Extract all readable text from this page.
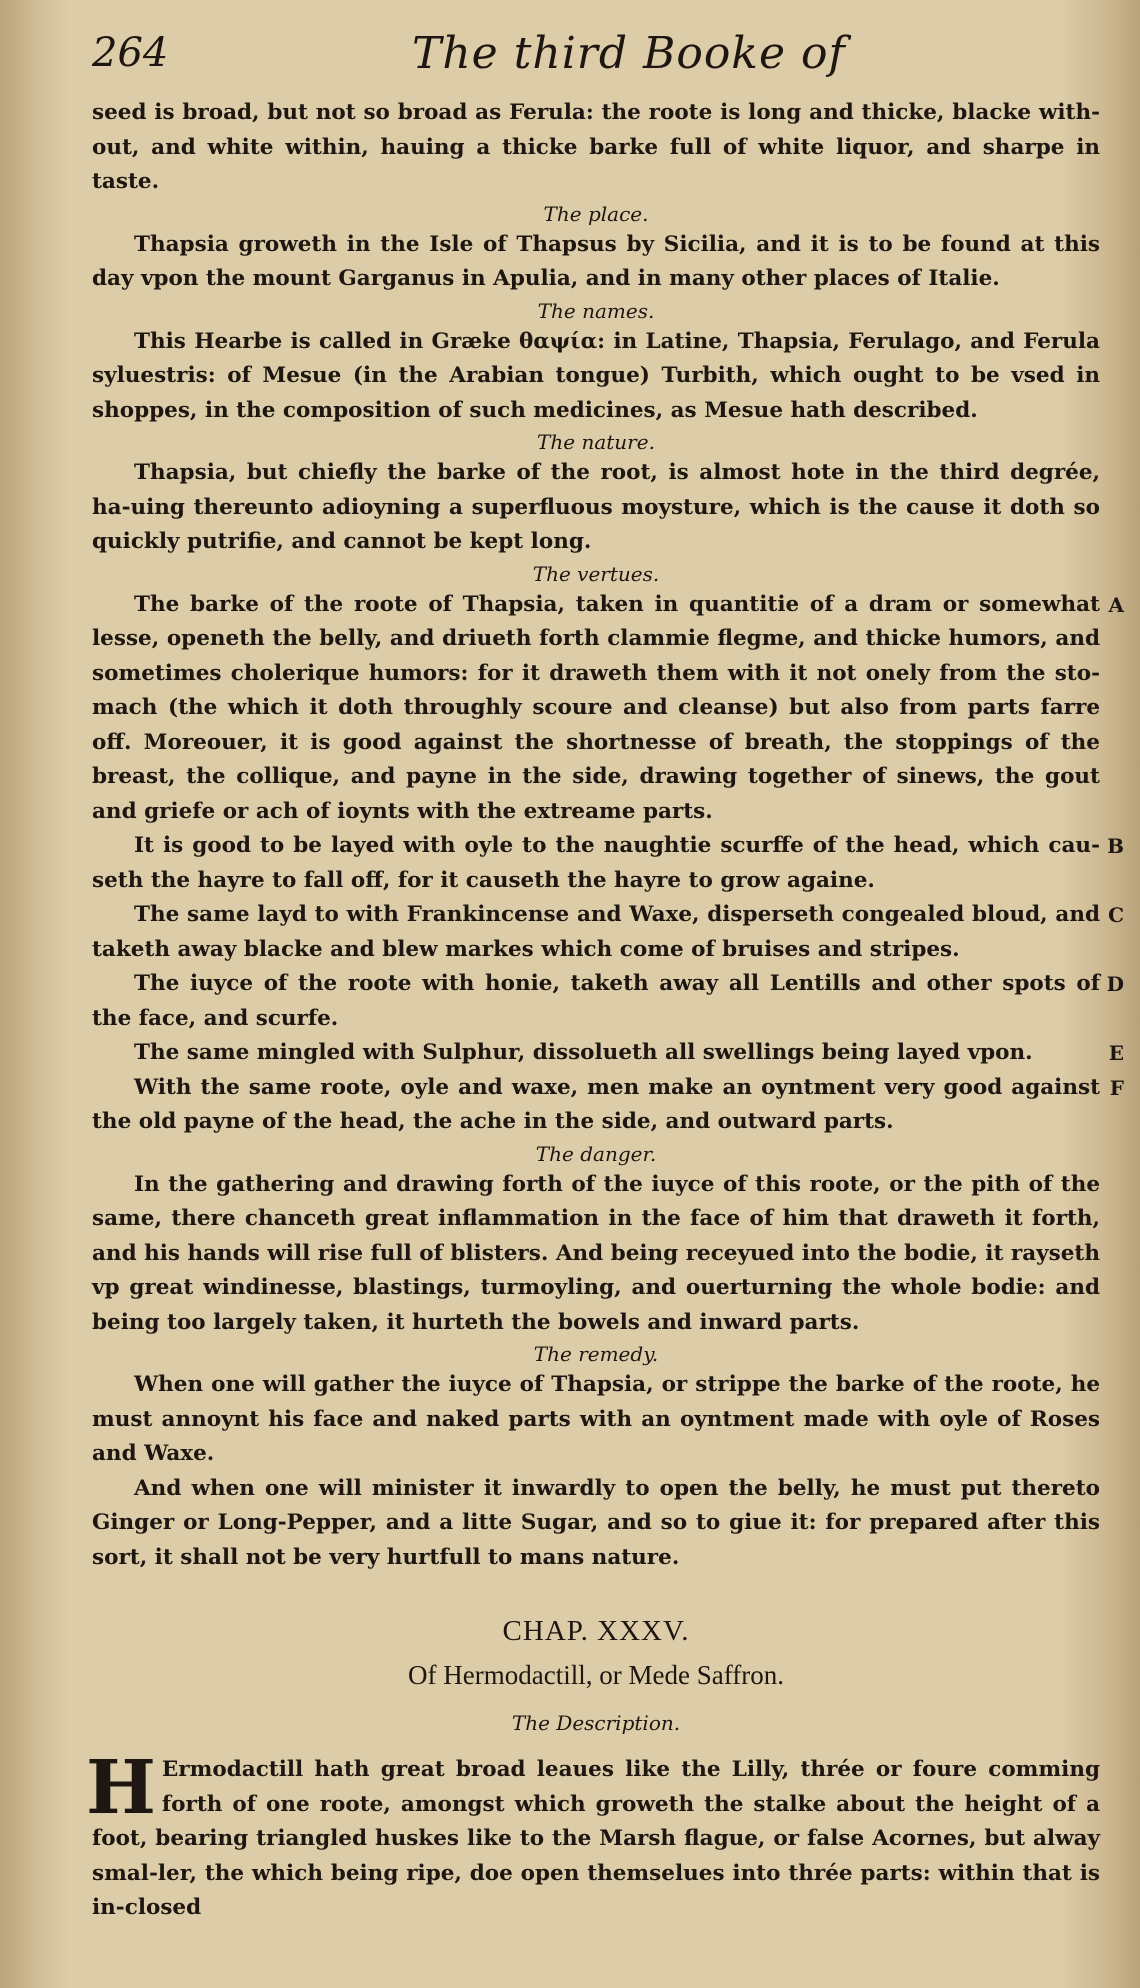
264	The third Booke of

seed is broad, but not so broad as Ferula: the roote is long and thicke, blacke with-out, and white within, hauing a thicke barke full of white liquor, and sharpe in taste.

The place.

Thapsia groweth in the Isle of Thapsus by Sicilia, and it is to be found at this day vpon the mount Garganus in Apulia, and in many other places of Italie.

The names.

This Hearbe is called in Græke θαψία: in Latine, Thapsia, Ferulago, and Ferula syluestris: of Mesue (in the Arabian tongue) Turbith, which ought to be vsed in shoppes, in the composition of such medicines, as Mesue hath described.

The nature.

Thapsia, but chiefly the barke of the root, is almost hote in the third degrée, ha-uing thereunto adioyning a superfluous moysture, which is the cause it doth so quickly putrifie, and cannot be kept long.

The vertues.
A

The barke of the roote of Thapsia, taken in quantitie of a dram or somewhat lesse, openeth the belly, and driueth forth clammie flegme, and thicke humors, and sometimes cholerique humors: for it draweth them with it not onely from the sto-mach (the which it doth throughly scoure and cleanse) but also from parts farre off. Moreouer, it is good against the shortnesse of breath, the stoppings of the breast, the collique, and payne in the side, drawing together of sinews, the gout and griefe or ach of ioynts with the extreame parts.

B

It is good to be layed with oyle to the naughtie scurffe of the head, which cau-seth the hayre to fall off, for it causeth the hayre to grow againe.

C

The same layd to with Frankincense and Waxe, disperseth congealed bloud, and taketh away blacke and blew markes which come of bruises and stripes.

D

The iuyce of the roote with honie, taketh away all Lentills and other spots of the face, and scurfe.

E

The same mingled with Sulphur, dissolueth all swellings being layed vpon.

F

With the same roote, oyle and waxe, men make an oyntment very good against the old payne of the head, the ache in the side, and outward parts.

The danger.

In the gathering and drawing forth of the iuyce of this roote, or the pith of the same, there chanceth great inflammation in the face of him that draweth it forth, and his hands will rise full of blisters. And being receyued into the bodie, it rayseth vp great windinesse, blastings, turmoyling, and ouerturning the whole bodie: and being too largely taken, it hurteth the bowels and inward parts.

The remedy.

When one will gather the iuyce of Thapsia, or strippe the barke of the roote, he must annoynt his face and naked parts with an oyntment made with oyle of Roses and Waxe.

And when one will minister it inwardly to open the belly, he must put thereto Ginger or Long-Pepper, and a litte Sugar, and so to giue it: for prepared after this sort, it shall not be very hurtfull to mans nature.

CHAP. XXXV.
Of Hermodactill, or Mede Saffron.
The Description.
H Ermodactill hath great broad leaues like the Lilly, thrée or foure comming forth of one roote, amongst which groweth the stalke about the height of a foot, bearing triangled huskes like to the Marsh flague, or false Acornes, but alway smal-ler, the which being ripe, doe open themselues into thrée parts: within that is in-closed
